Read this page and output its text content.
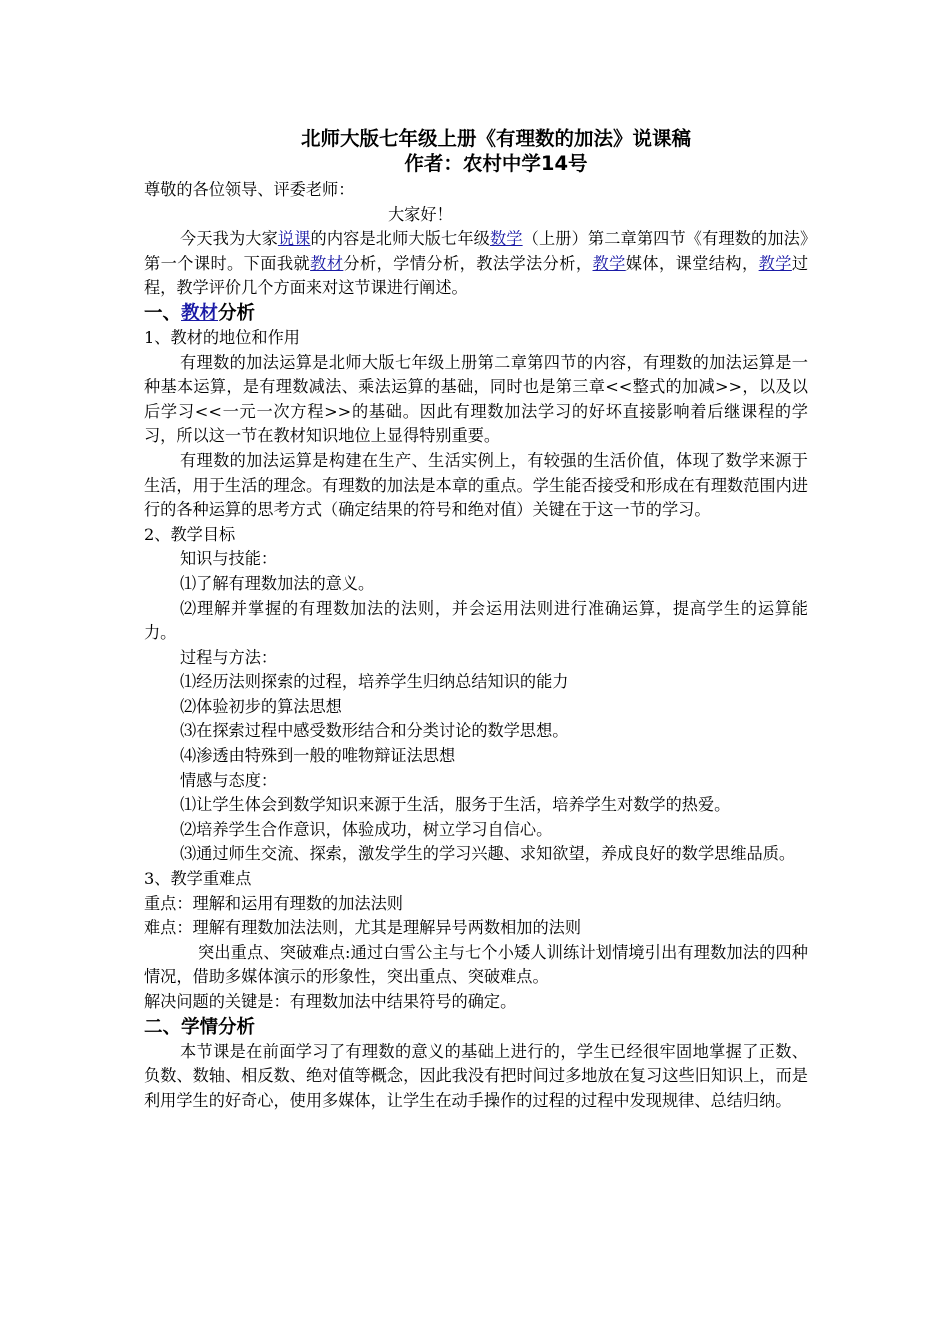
北师大版七年级上册《有理数的加法》说课稿

作者：农村中学14号

尊敬的各位领导、评委老师：

大家好！

今天我为大家说课的内容是北师大版七年级数学（上册）第二章第四节《有理数的加法》第一个课时。下面我就教材分析，学情分析，教法学法分析，教学媒体，课堂结构，教学过程，教学评价几个方面来对这节课进行阐述。

一、教材分析

1、教材的地位和作用

有理数的加法运算是北师大版七年级上册第二章第四节的内容，有理数的加法运算是一种基本运算，是有理数减法、乘法运算的基础，同时也是第三章<<整式的加减>>，以及以后学习<<一元一次方程>>的基础。因此有理数加法学习的好坏直接影响着后继课程的学习，所以这一节在教材知识地位上显得特别重要。

有理数的加法运算是构建在生产、生活实例上，有较强的生活价值，体现了数学来源于生活，用于生活的理念。有理数的加法是本章的重点。学生能否接受和形成在有理数范围内进行的各种运算的思考方式（确定结果的符号和绝对值）关键在于这一节的学习。

2、教学目标

知识与技能：

⑴了解有理数加法的意义。

⑵理解并掌握的有理数加法的法则，并会运用法则进行准确运算，提高学生的运算能力。

过程与方法：

⑴经历法则探索的过程，培养学生归纳总结知识的能力

⑵体验初步的算法思想

⑶在探索过程中感受数形结合和分类讨论的数学思想。

⑷渗透由特殊到一般的唯物辩证法思想

情感与态度：

⑴让学生体会到数学知识来源于生活，服务于生活，培养学生对数学的热爱。

⑵培养学生合作意识，体验成功，树立学习自信心。

⑶通过师生交流、探索，激发学生的学习兴趣、求知欲望，养成良好的数学思维品质。

3、教学重难点

重点：理解和运用有理数的加法法则

难点：理解有理数加法法则，尤其是理解异号两数相加的法则

突出重点、突破难点:通过白雪公主与七个小矮人训练计划情境引出有理数加法的四种情况，借助多媒体演示的形象性，突出重点、突破难点。

解决问题的关键是：有理数加法中结果符号的确定。

二、学情分析

本节课是在前面学习了有理数的意义的基础上进行的，学生已经很牢固地掌握了正数、负数、数轴、相反数、绝对值等概念，因此我没有把时间过多地放在复习这些旧知识上，而是利用学生的好奇心，使用多媒体，让学生在动手操作的过程的过程中发现规律、总结归纳。
